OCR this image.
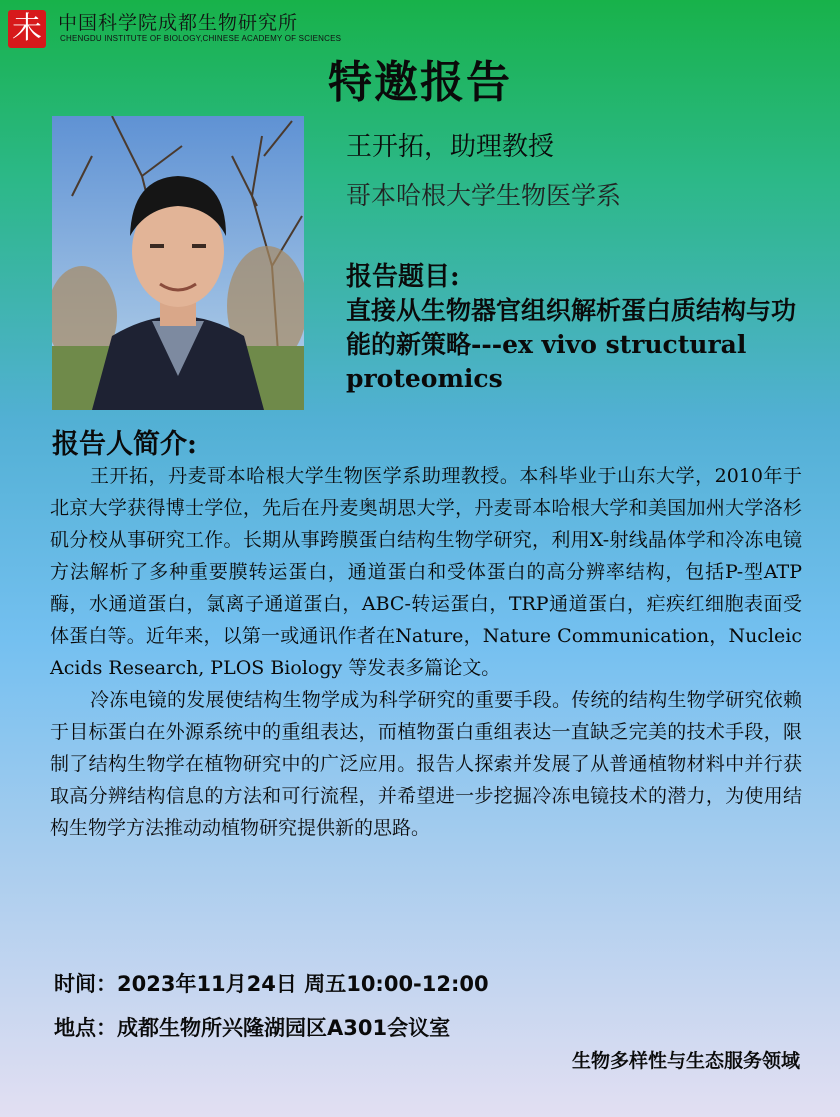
未 中国科学院成都生物研究所
CHENGDU INSTITUTE OF BIOLOGY,CHINESE ACADEMY OF SCIENCES
特邀报告
王开拓，助理教授
哥本哈根大学生物医学系
报告题目:
直接从生物器官组织解析蛋白质结构与功能的新策略---ex vivo structural proteomics
报告人简介:

王开拓，丹麦哥本哈根大学生物医学系助理教授。本科毕业于山东大学，2010年于北京大学获得博士学位，先后在丹麦奥胡思大学，丹麦哥本哈根大学和美国加州大学洛杉矶分校从事研究工作。长期从事跨膜蛋白结构生物学研究，利用X-射线晶体学和冷冻电镜方法解析了多种重要膜转运蛋白，通道蛋白和受体蛋白的高分辨率结构，包括P-型ATP酶，水通道蛋白，氯离子通道蛋白，ABC-转运蛋白，TRP通道蛋白，疟疾红细胞表面受体蛋白等。近年来，以第一或通讯作者在Nature，Nature Communication，Nucleic Acids Research, PLOS Biology 等发表多篇论文。

冷冻电镜的发展使结构生物学成为科学研究的重要手段。传统的结构生物学研究依赖于目标蛋白在外源系统中的重组表达，而植物蛋白重组表达一直缺乏完美的技术手段，限制了结构生物学在植物研究中的广泛应用。报告人探索并发展了从普通植物材料中并行获取高分辨结构信息的方法和可行流程，并希望进一步挖掘冷冻电镜技术的潜力，为使用结构生物学方法推动动植物研究提供新的思路。

时间：2023年11月24日 周五10:00-12:00
地点：成都生物所兴隆湖园区A301会议室
生物多样性与生态服务领域
